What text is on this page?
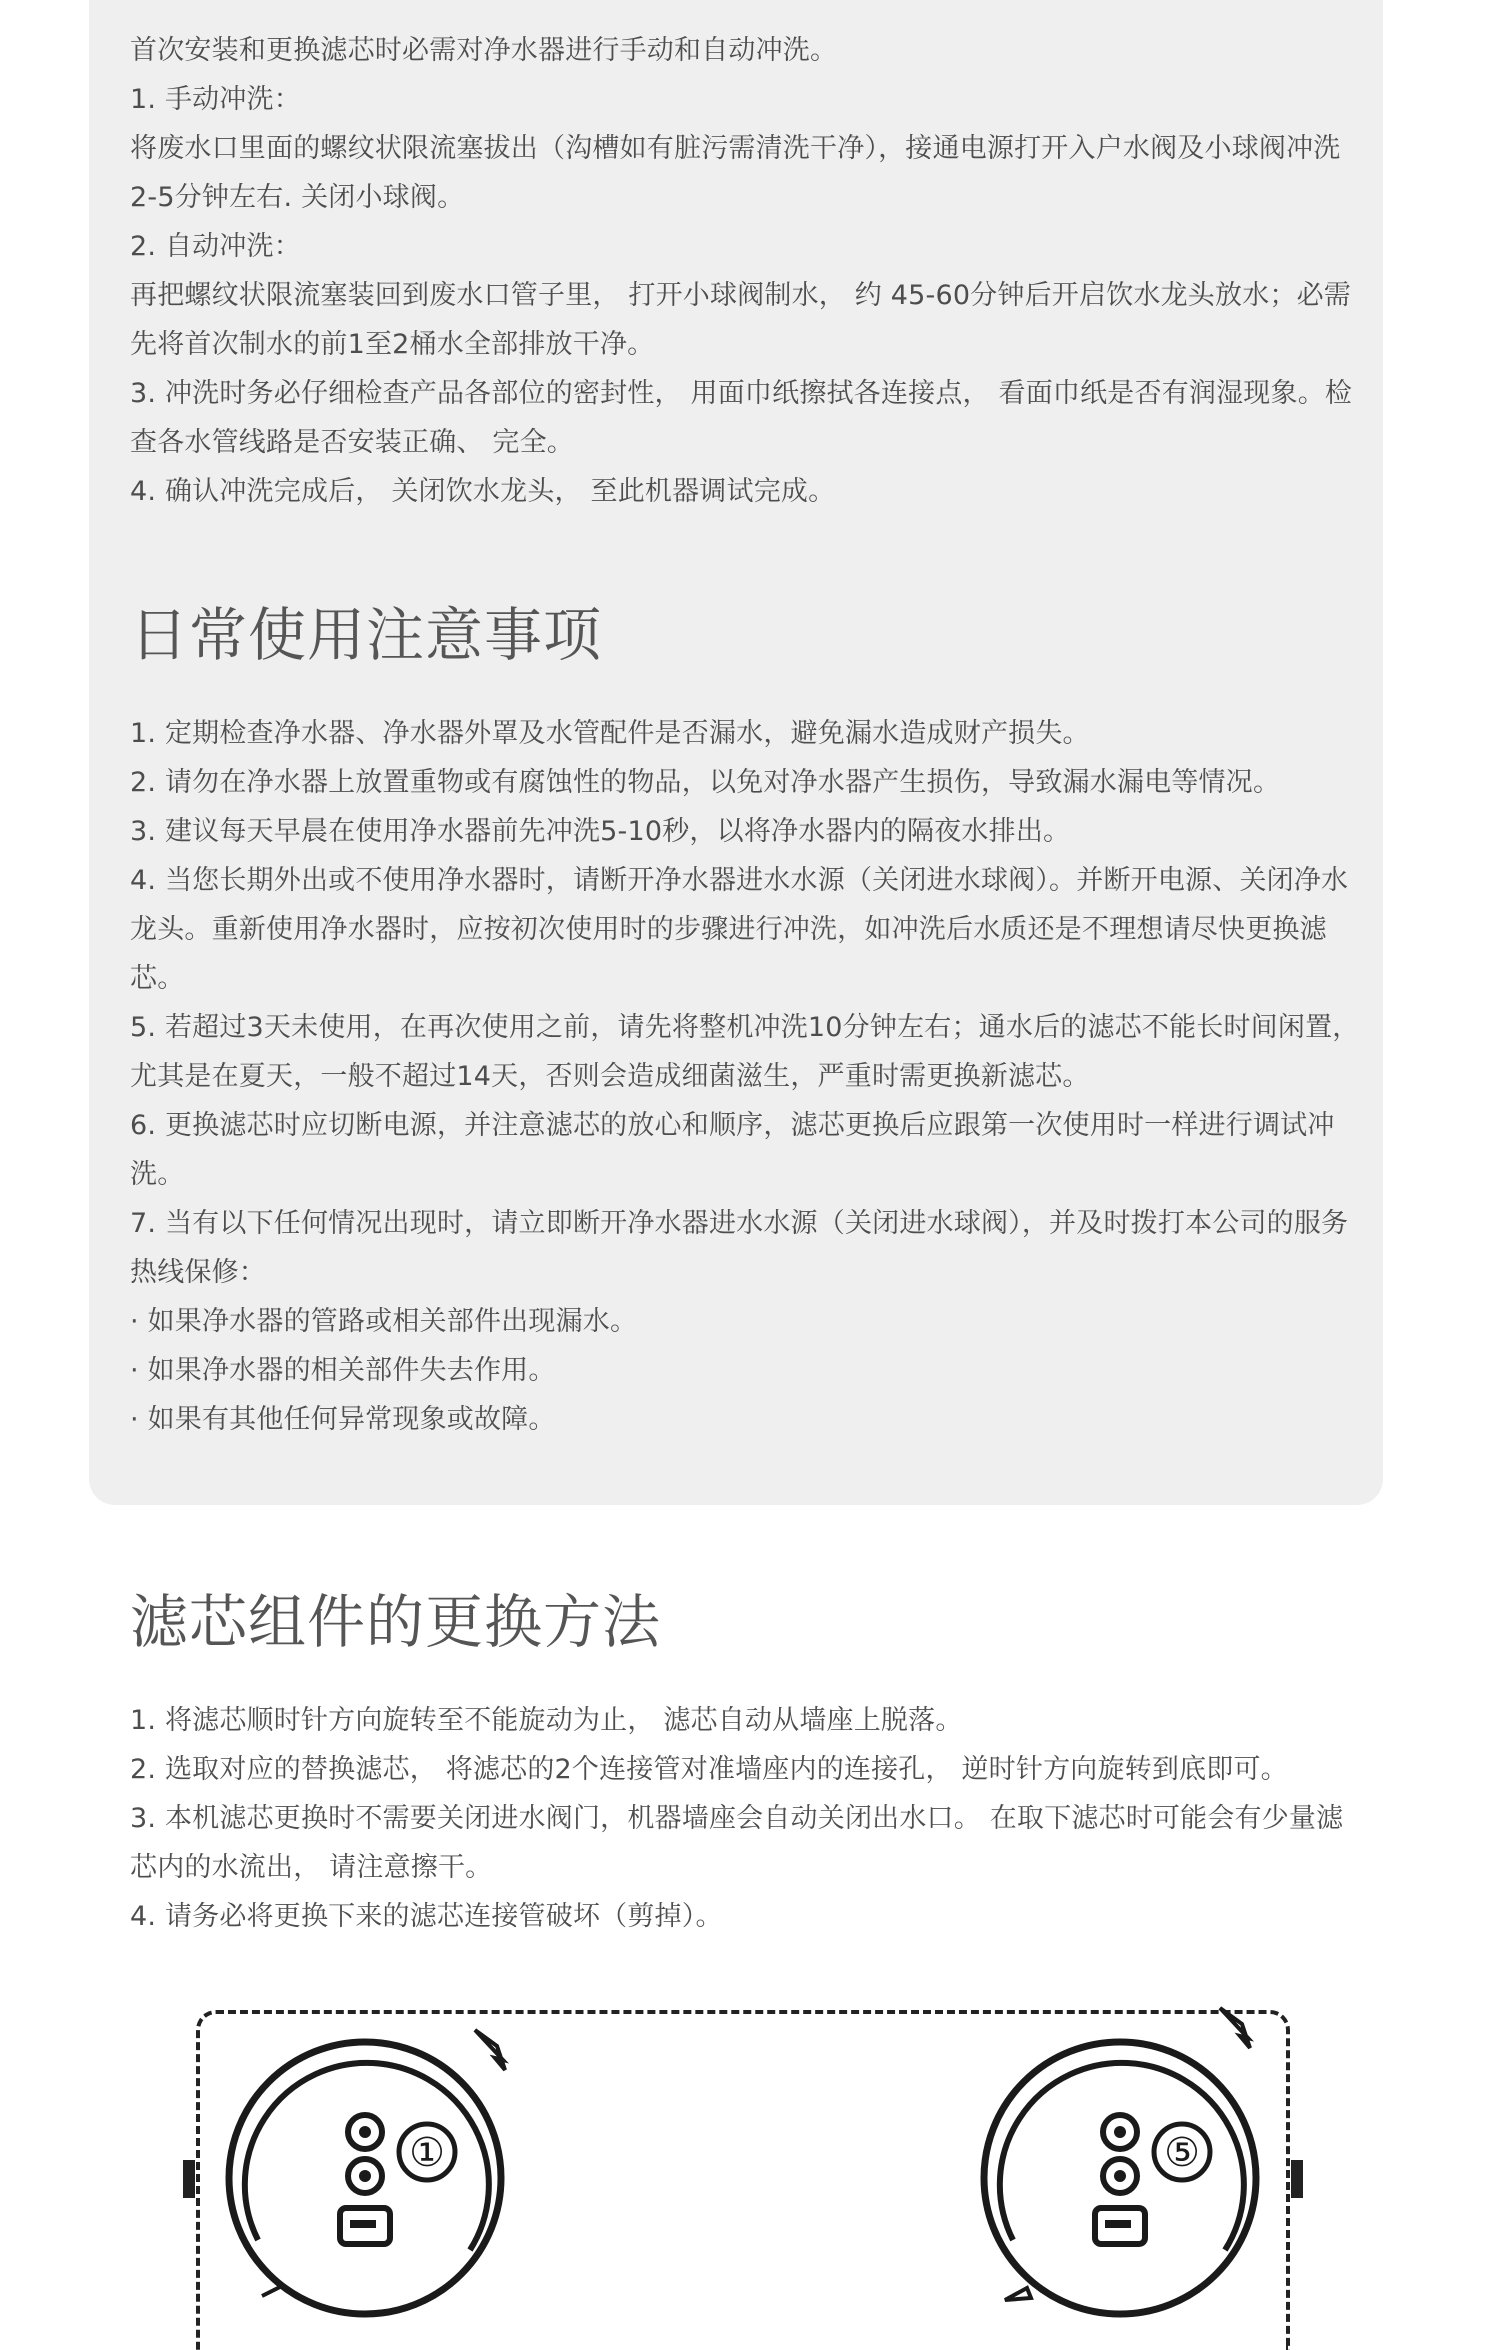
首次安装和更换滤芯时必需对净水器进行手动和自动冲洗。

1. 手动冲洗：

将废水口里面的螺纹状限流塞拔出（沟槽如有脏污需清洗干净），接通电源打开入户水阀及小球阀冲洗2-5分钟左右. 关闭小球阀。

2. 自动冲洗：

再把螺纹状限流塞装回到废水口管子里， 打开小球阀制水， 约 45-60分钟后开启饮水龙头放水；必需先将首次制水的前1至2桶水全部排放干净。

3. 冲洗时务必仔细检查产品各部位的密封性， 用面巾纸擦拭各连接点， 看面巾纸是否有润湿现象。检查各水管线路是否安装正确、 完全。

4. 确认冲洗完成后， 关闭饮水龙头， 至此机器调试完成。

日常使用注意事项

1. 定期检查净水器、净水器外罩及水管配件是否漏水，避免漏水造成财产损失。

2. 请勿在净水器上放置重物或有腐蚀性的物品，以免对净水器产生损伤，导致漏水漏电等情况。

3. 建议每天早晨在使用净水器前先冲洗5-10秒，以将净水器内的隔夜水排出。

4. 当您长期外出或不使用净水器时，请断开净水器进水水源（关闭进水球阀）。并断开电源、关闭净水龙头。重新使用净水器时，应按初次使用时的步骤进行冲洗，如冲洗后水质还是不理想请尽快更换滤芯。

5. 若超过3天未使用，在再次使用之前，请先将整机冲洗10分钟左右；通水后的滤芯不能长时间闲置，尤其是在夏天，一般不超过14天，否则会造成细菌滋生，严重时需更换新滤芯。

6. 更换滤芯时应切断电源，并注意滤芯的放心和顺序，滤芯更换后应跟第一次使用时一样进行调试冲洗。

7. 当有以下任何情况出现时，请立即断开净水器进水水源（关闭进水球阀），并及时拨打本公司的服务热线保修：

· 如果净水器的管路或相关部件出现漏水。

· 如果净水器的相关部件失去作用。

· 如果有其他任何异常现象或故障。

滤芯组件的更换方法

1. 将滤芯顺时针方向旋转至不能旋动为止， 滤芯自动从墙座上脱落。

2. 选取对应的替换滤芯， 将滤芯的2个连接管对准墙座内的连接孔， 逆时针方向旋转到底即可。

3. 本机滤芯更换时不需要关闭进水阀门，机器墙座会自动关闭出水口。 在取下滤芯时可能会有少量滤芯内的水流出， 请注意擦干。

4. 请务必将更换下来的滤芯连接管破坏（剪掉）。

①	⑤
